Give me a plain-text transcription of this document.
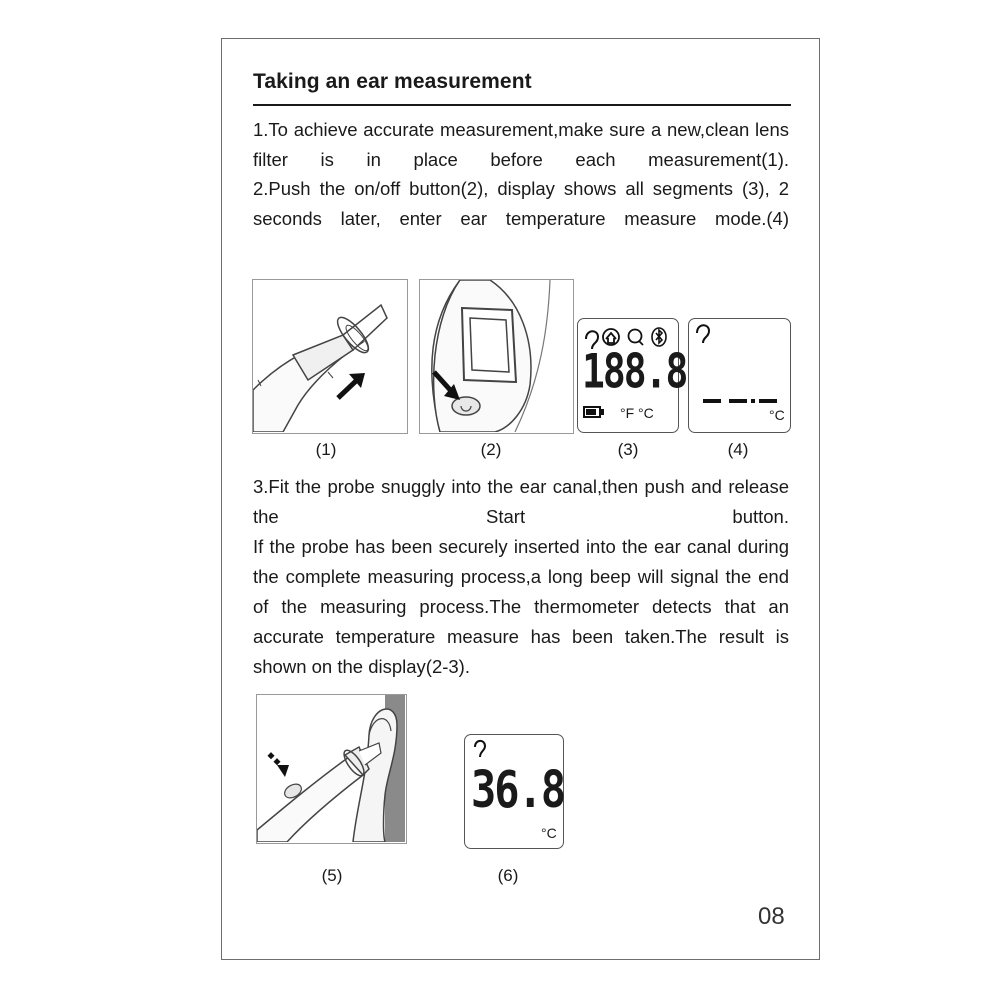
Taking an ear measurement

1.To achieve accurate measurement,make sure a new,clean lens filter is in place before each measurement(1).

2.Push the on/off button(2), display shows all segments (3), 2 seconds later, enter ear temperature measure mode.(4)

188.8
°F °C	°C
(1)	(2)	(3)	(4)

3.Fit the probe snuggly into the ear canal,then push and release the Start button.

If the probe has been securely inserted into the ear canal during the complete measuring process,a long beep will signal the end of the measuring process.The thermometer detects that an accurate temperature measure has been taken.The result is shown on the display(2-3).

36.8
°C
(5)	(6)
08
